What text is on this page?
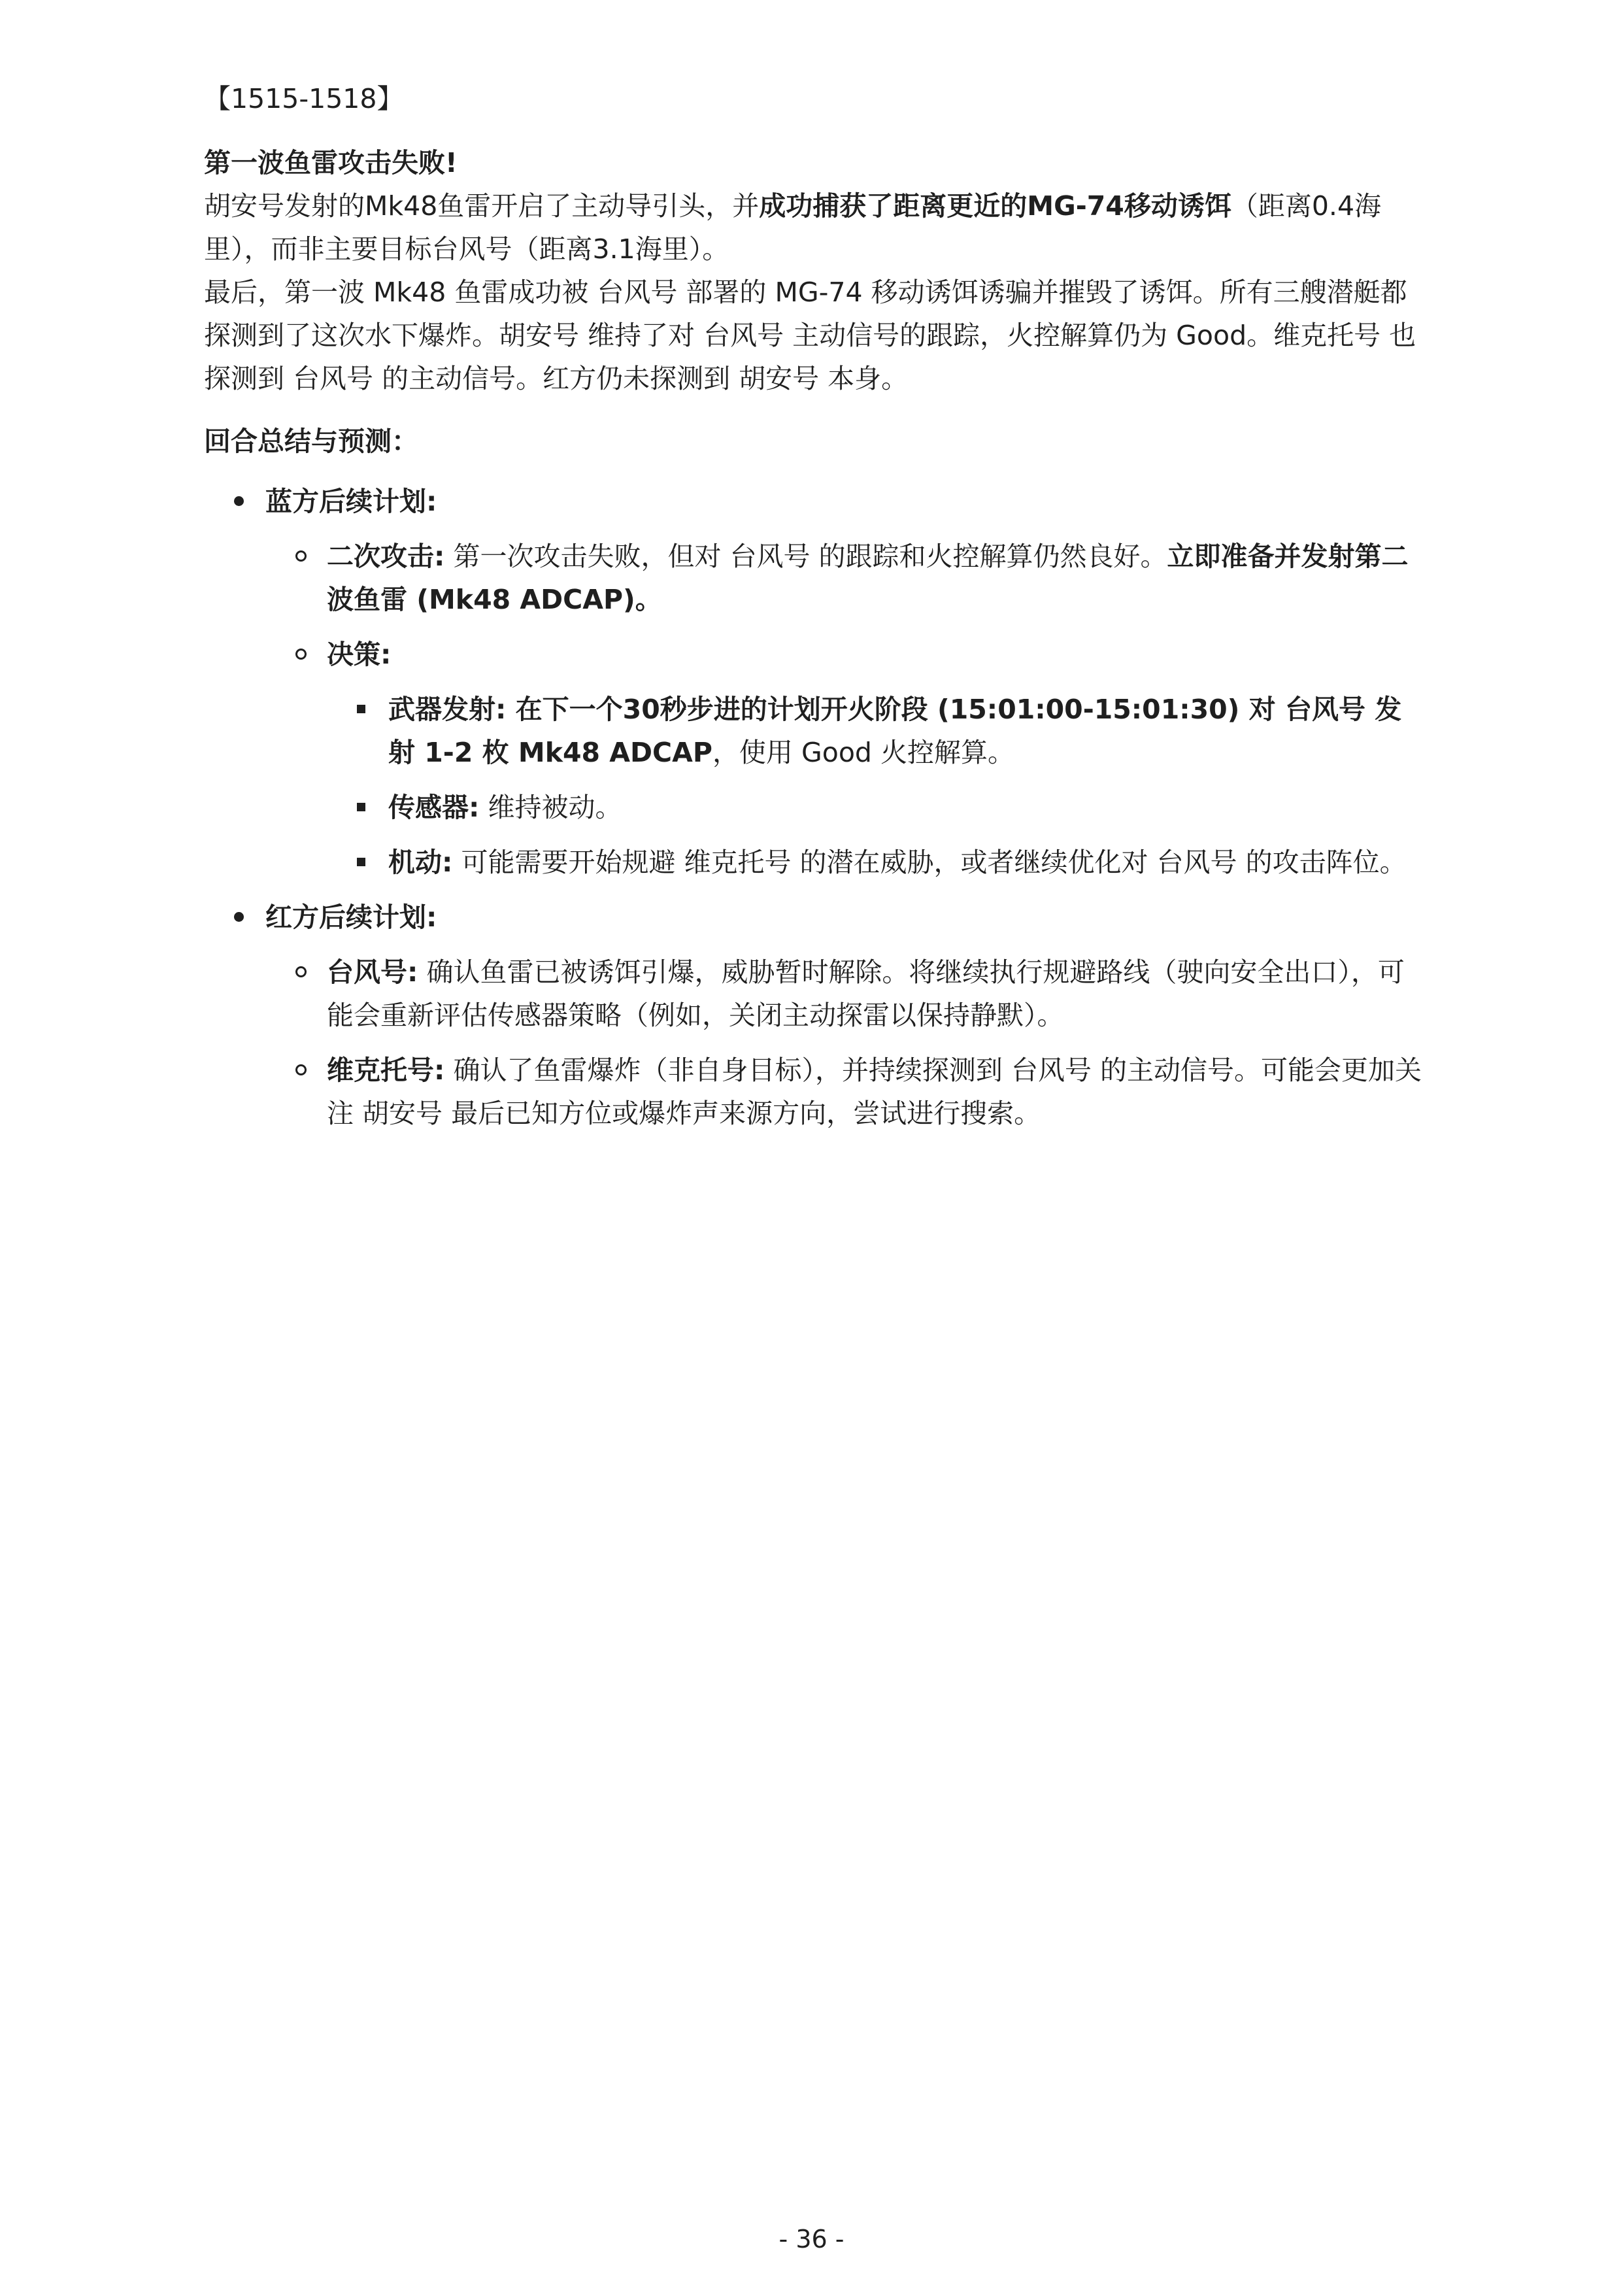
【1515-1518】

第一波鱼雷攻击失败!

胡安号发射的Mk48鱼雷开启了主动导引头，并成功捕获了距离更近的MG-74移动诱饵（距离0.4海里），而非主要目标台风号（距离3.1海里）。

最后，第一波 Mk48 鱼雷成功被 台风号 部署的 MG-74 移动诱饵诱骗并摧毁了诱饵。所有三艘潜艇都探测到了这次水下爆炸。胡安号 维持了对 台风号 主动信号的跟踪，火控解算仍为 Good。维克托号 也探测到 台风号 的主动信号。红方仍未探测到 胡安号 本身。

回合总结与预测：

蓝方后续计划:
二次攻击: 第一次攻击失败，但对 台风号 的跟踪和火控解算仍然良好。立即准备并发射第二波鱼雷 (Mk48 ADCAP)。
决策:
武器发射: 在下一个30秒步进的计划开火阶段 (15:01:00-15:01:30) 对 台风号 发射 1-2 枚 Mk48 ADCAP，使用 Good 火控解算。
传感器: 维持被动。
机动: 可能需要开始规避 维克托号 的潜在威胁，或者继续优化对 台风号 的攻击阵位。
红方后续计划:
台风号: 确认鱼雷已被诱饵引爆，威胁暂时解除。将继续执行规避路线（驶向安全出口），可能会重新评估传感器策略（例如，关闭主动探雷以保持静默）。
维克托号: 确认了鱼雷爆炸（非自身目标），并持续探测到 台风号 的主动信号。可能会更加关注 胡安号 最后已知方位或爆炸声来源方向，尝试进行搜索。
- 36 -
